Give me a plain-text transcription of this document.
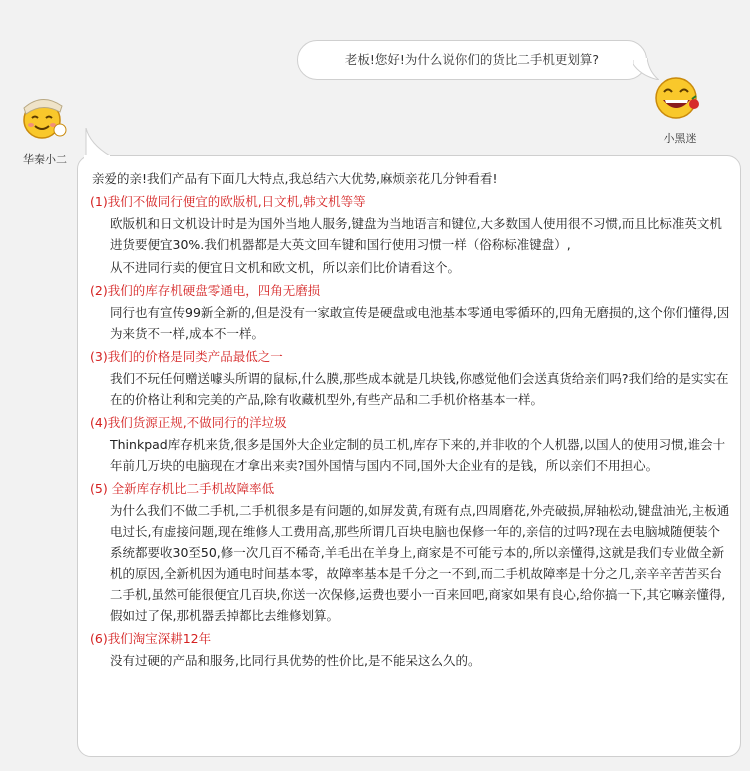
老板!您好!为什么说你们的货比二手机更划算?
小黑迷
华秦小二
亲爱的亲!我们产品有下面几大特点,我总结六大优势,麻烦亲花几分钟看看!
(1)我们不做同行便宜的欧版机,日文机,韩文机等等
欧版机和日文机设计时是为国外当地人服务,键盘为当地语言和键位,大多数国人使用很不习惯,而且比标准英文机进货要便宜30%.我们机器都是大英文回车键和国行使用习惯一样（俗称标准键盘）,
从不进同行卖的便宜日文机和欧文机，所以亲们比价请看这个。
(2)我们的库存机硬盘零通电，四角无磨损
同行也有宣传99新全新的,但是没有一家敢宣传是硬盘或电池基本零通电零循环的,四角无磨损的,这个你们懂得,因为来货不一样,成本不一样。
(3)我们的价格是同类产品最低之一
我们不玩任何赠送噱头所谓的鼠标,什么膜,那些成本就是几块钱,你感觉他们会送真货给亲们吗?我们给的是实实在在的价格让利和完美的产品,除有收藏机型外,有些产品和二手机价格基本一样。
(4)我们货源正规,不做同行的洋垃圾
Thinkpad库存机来货,很多是国外大企业定制的员工机,库存下来的,并非收的个人机器,以国人的使用习惯,谁会十年前几万块的电脑现在才拿出来卖?国外国情与国内不同,国外大企业有的是钱，所以亲们不用担心。
(5) 全新库存机比二手机故障率低
为什么我们不做二手机,二手机很多是有问题的,如屏发黄,有斑有点,四周磨花,外壳破损,屏轴松动,键盘油光,主板通电过长,有虚接问题,现在维修人工费用高,那些所谓几百块电脑也保修一年的,亲信的过吗?现在去电脑城随便装个系统都要收30至50,修一次几百不稀奇,羊毛出在羊身上,商家是不可能亏本的,所以亲懂得,这就是我们专业做全新机的原因,全新机因为通电时间基本零，故障率基本是千分之一不到,而二手机故障率是十分之几,亲辛辛苦苦买台二手机,虽然可能很便宜几百块,你送一次保修,运费也要小一百来回吧,商家如果有良心,给你搞一下,其它嘛亲懂得,假如过了保,那机器丢掉都比去维修划算。
(6)我们淘宝深耕12年
没有过硬的产品和服务,比同行具优势的性价比,是不能呆这么久的。
